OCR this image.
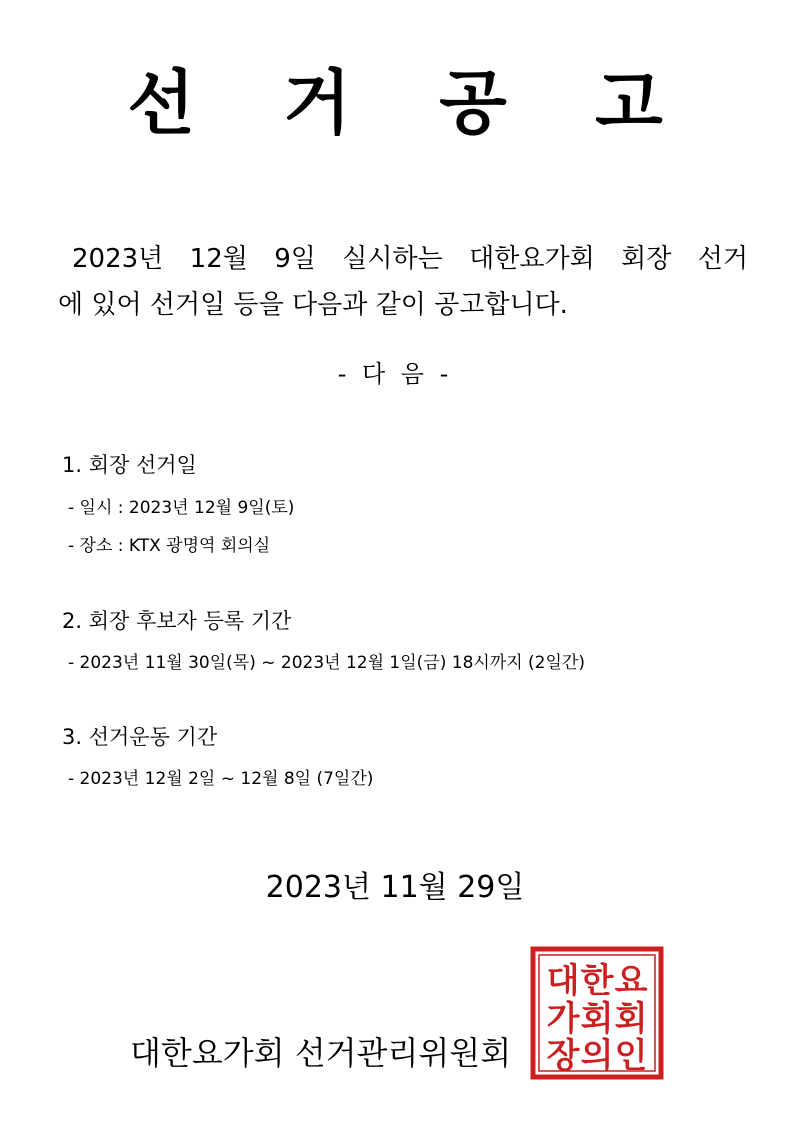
선 거 공 고
2023년 12월 9일 실시하는 대한요가회 회장 선거
에 있어 선거일 등을 다음과 같이 공고합니다.
- 다 음 -
1. 회장 선거일
- 일시 : 2023년 12월 9일(토)
- 장소 : KTX 광명역 회의실
2. 회장 후보자 등록 기간
- 2023년 11월 30일(목) ~ 2023년 12월 1일(금) 18시까지 (2일간)
3. 선거운동 기간
- 2023년 12월 2일 ~ 12월 8일 (7일간)
2023년 11월 29일
대한요가회 선거관리위원회
대 한 요
가 회 회
장 의 인
